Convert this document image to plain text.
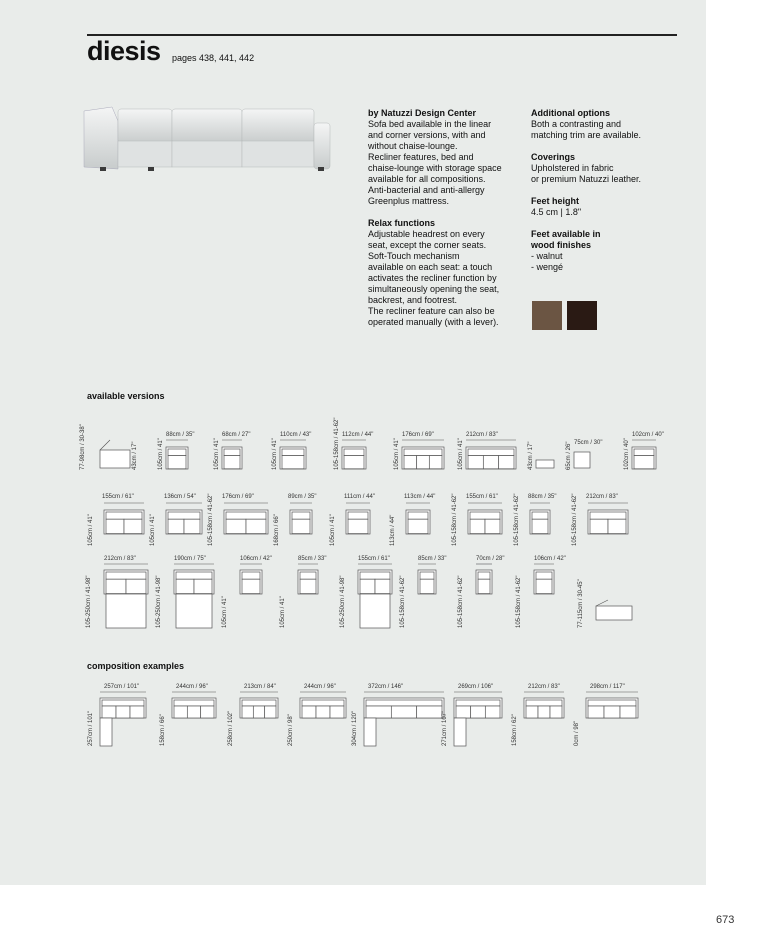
diesis pages 438, 441, 442

by Natuzzi Design Center

Sofa bed available in the linear

and corner versions, with and

without chaise-lounge.

Recliner features, bed and

chaise-lounge with storage space

available for all compositions.

Anti-bacterial and anti-allergy

Greenplus mattress.

Relax functions

Adjustable headrest on every

seat, except the corner seats.

Soft-Touch mechanism

available on each seat: a touch

activates the recliner function by

simultaneously opening the seat,

backrest, and footrest.

The recliner feature can also be

operated manually (with a lever).

Additional options

Both a contrasting and

matching trim are available.

Coverings

Upholstered in fabric

or premium Natuzzi leather.

Feet height

4.5 cm | 1.8"

Feet available in

wood finishes

- walnut

- wengé

available versions
composition examples
77-98cm / 30-38"	43cm / 17"	105cm / 41"
88cm / 35"
105cm / 41"
68cm / 27"
105cm / 41"
110cm / 43"	105-158cm / 41-62" 112cm / 44"
105cm / 41"
176cm / 69"
105cm / 41"
212cm / 83"
43cm / 17"	65cm / 26" 75cm / 30"	102cm / 40"
102cm / 40"
105cm / 41"
155cm / 61"
105cm / 41"
136cm / 54" 105-158cm / 41-62" 176cm / 69"
168cm / 66"
89cm / 35"
105cm / 41"
111cm / 44"
113cm / 44"
113cm / 44"	105-158cm / 41-62" 155cm / 61"	105-158cm / 41-62" 88cm / 35"	105-158cm / 41-62" 212cm / 83"
105-250cm / 41-98"
212cm / 83"
105-250cm / 41-98"
190cm / 75"
105cm / 41"
106cm / 42"
105cm / 41"
85cm / 33"
105-250cm / 41-98"
155cm / 61"
105-158cm / 41-62"
85cm / 33"
105-158cm / 41-62"
70cm / 28"
105-158cm / 41-62"
106cm / 42"
77-115cm / 30-45"
257cm / 101"
257cm / 101"
158cm / 66"
244cm / 96"
258cm / 102"
213cm / 84"
250cm / 98"
244cm / 96"
304cm / 120"
372cm / 146"
271cm / 107"
269cm / 106"
158cm / 62"
212cm / 83"
0cm / 98"
298cm / 117"
673
